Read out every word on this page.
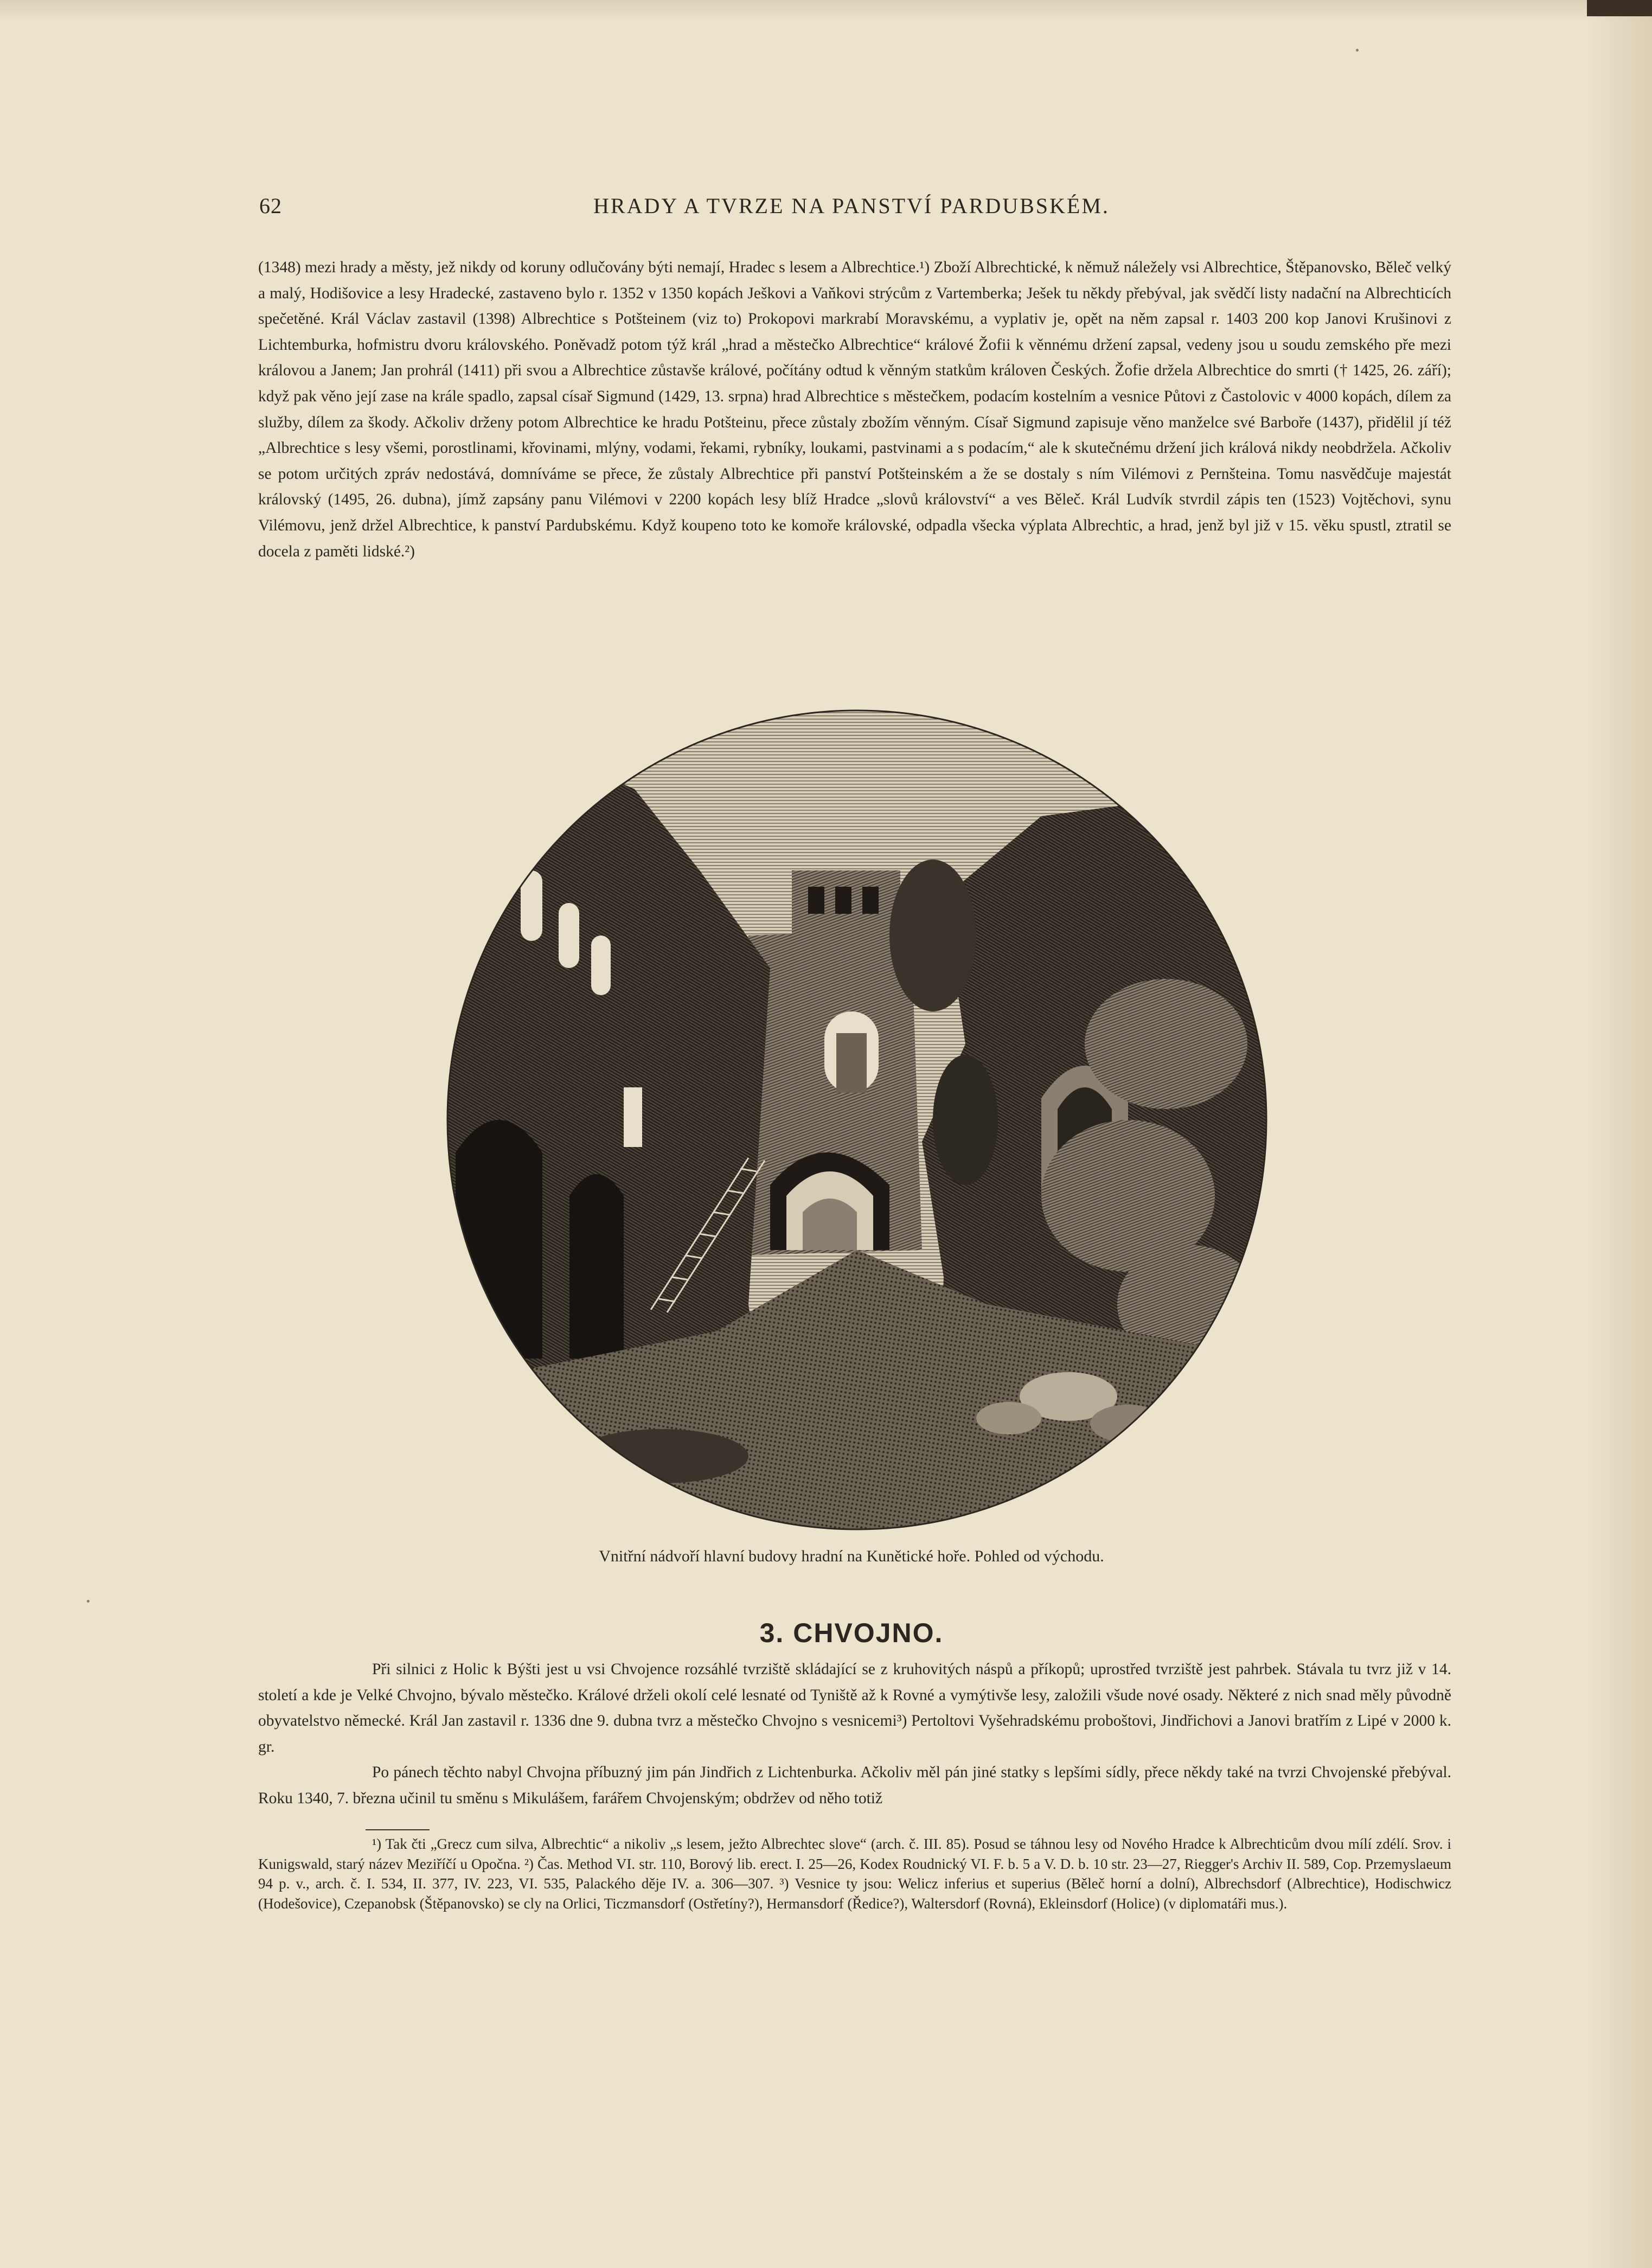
62	HRADY A TVRZE NA PANSTVÍ PARDUBSKÉM.

(1348) mezi hrady a městy, jež nikdy od koruny odlučovány býti nemají, Hradec s lesem a Albrechtice.¹) Zboží Albrechtické, k němuž náležely vsi Albrechtice, Štěpanovsko, Běleč velký a malý, Hodišovice a lesy Hradecké, zastaveno bylo r. 1352 v 1350 kopách Ješkovi a Vaňkovi strýcům z Vartemberka; Ješek tu někdy přebýval, jak svědčí listy nadační na Albrechticích spečetěné. Král Václav zastavil (1398) Albrechtice s Potšteinem (viz to) Prokopovi markrabí Moravskému, a vyplativ je, opět na něm zapsal r. 1403 200 kop Janovi Krušinovi z Lichtemburka, hofmistru dvoru královského. Poněvadž potom týž král „hrad a městečko Albrechtice“ králové Žofii k věnnému držení zapsal, vedeny jsou u soudu zemského pře mezi královou a Janem; Jan prohrál (1411) při svou a Albrechtice zůstavše králové, počítány odtud k věnným statkům královen Českých. Žofie držela Albrechtice do smrti († 1425, 26. září); když pak věno její zase na krále spadlo, zapsal císař Sigmund (1429, 13. srpna) hrad Albrechtice s městečkem, podacím kostelním a vesnice Půtovi z Častolovic v 4000 kopách, dílem za služby, dílem za škody. Ačkoliv drženy potom Albrechtice ke hradu Potšteinu, přece zůstaly zbožím věnným. Císař Sigmund zapisuje věno manželce své Barboře (1437), přidělil jí též „Albrechtice s lesy všemi, porostlinami, křovinami, mlýny, vodami, řekami, rybníky, loukami, pastvinami a s podacím,“ ale k skutečnému držení jich králová nikdy neobdržela. Ačkoliv se potom určitých zpráv nedostává, domníváme se přece, že zůstaly Albrechtice při panství Potšteinském a že se dostaly s ním Vilémovi z Pernšteina. Tomu nasvědčuje majestát královský (1495, 26. dubna), jímž zapsány panu Vilémovi v 2200 kopách lesy blíž Hradce „slovů království“ a ves Běleč. Král Ludvík stvrdil zápis ten (1523) Vojtěchovi, synu Vilémovu, jenž držel Albrechtice, k panství Pardubskému. Když koupeno toto ke komoře královské, odpadla všecka výplata Albrechtic, a hrad, jenž byl již v 15. věku spustl, ztratil se docela z paměti lidské.²)

Vnitřní nádvoří hlavní budovy hradní na Kunětické hoře. Pohled od východu.
3. CHVOJNO.

Při silnici z Holic k Býšti jest u vsi Chvojence rozsáhlé tvrziště skládající se z kruhovitých náspů a příkopů; uprostřed tvrziště jest pahrbek. Stávala tu tvrz již v 14. století a kde je Velké Chvojno, bývalo městečko. Králové drželi okolí celé lesnaté od Tyniště až k Rovné a vymýtivše lesy, založili všude nové osady. Některé z nich snad měly původně obyvatelstvo německé. Král Jan zastavil r. 1336 dne 9. dubna tvrz a městečko Chvojno s vesnicemi³) Pertoltovi Vyšehradskému proboštovi, Jindřichovi a Janovi bratřím z Lipé v 2000 k. gr.

Po pánech těchto nabyl Chvojna příbuzný jim pán Jindřich z Lichtenburka. Ačkoliv měl pán jiné statky s lepšími sídly, přece někdy také na tvrzi Chvojenské přebýval. Roku 1340, 7. března učinil tu směnu s Mikulášem, farářem Chvojenským; obdržev od něho totiž

¹) Tak čti „Grecz cum silva, Albrechtic“ a nikoliv „s lesem, ježto Albrechtec slove“ (arch. č. III. 85). Posud se táhnou lesy od Nového Hradce k Albrechticům dvou mílí zdélí. Srov. i Kunigswald, starý název Meziříčí u Opočna. ²) Čas. Method VI. str. 110, Borový lib. erect. I. 25—26, Kodex Roudnický VI. F. b. 5 a V. D. b. 10 str. 23—27, Riegger's Archiv II. 589, Cop. Przemyslaeum 94 p. v., arch. č. I. 534, II. 377, IV. 223, VI. 535, Palackého děje IV. a. 306—307. ³) Vesnice ty jsou: Welicz inferius et superius (Běleč horní a dolní), Albrechsdorf (Albrechtice), Hodischwicz (Hodešovice), Czepanobsk (Štěpanovsko) se cly na Orlici, Ticzmansdorf (Ostřetíny?), Hermansdorf (Ředice?), Waltersdorf (Rovná), Ekleinsdorf (Holice) (v diplomatáři mus.).
